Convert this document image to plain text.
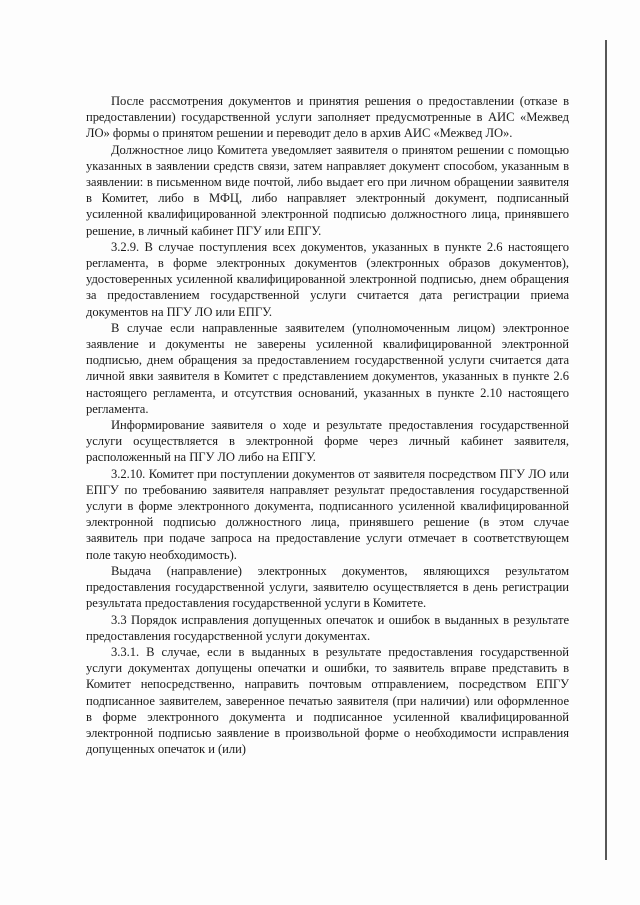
После рассмотрения документов и принятия решения о предоставлении (отказе в предоставлении) государственной услуги заполняет предусмотренные в АИС «Межвед ЛО» формы о принятом решении и переводит дело в архив АИС «Межвед ЛО».

Должностное лицо Комитета уведомляет заявителя о принятом решении с помощью указанных в заявлении средств связи, затем направляет документ способом, указанным в заявлении: в письменном виде почтой, либо выдает его при личном обращении заявителя в Комитет, либо в МФЦ, либо направляет электронный документ, подписанный усиленной квалифицированной электронной подписью должностного лица, принявшего решение, в личный кабинет ПГУ или ЕПГУ.

3.2.9. В случае поступления всех документов, указанных в пункте 2.6 настоящего регламента, в форме электронных документов (электронных образов документов), удостоверенных усиленной квалифицированной электронной подписью, днем обращения за предоставлением государственной услуги считается дата регистрации приема документов на ПГУ ЛО или ЕПГУ.

В случае если направленные заявителем (уполномоченным лицом) электронное заявление и документы не заверены усиленной квалифицированной электронной подписью, днем обращения за предоставлением государственной услуги считается дата личной явки заявителя в Комитет с представлением документов, указанных в пункте 2.6 настоящего регламента, и отсутствия оснований, указанных в пункте 2.10 настоящего регламента.

Информирование заявителя о ходе и результате предоставления государственной услуги осуществляется в электронной форме через личный кабинет заявителя, расположенный на ПГУ ЛО либо на ЕПГУ.

3.2.10. Комитет при поступлении документов от заявителя посредством ПГУ ЛО или ЕПГУ по требованию заявителя направляет результат предоставления государственной услуги в форме электронного документа, подписанного усиленной квалифицированной электронной подписью должностного лица, принявшего решение (в этом случае заявитель при подаче запроса на предоставление услуги отмечает в соответствующем поле такую необходимость).

Выдача (направление) электронных документов, являющихся результатом предоставления государственной услуги, заявителю осуществляется в день регистрации результата предоставления государственной услуги в Комитете.

3.3 Порядок исправления допущенных опечаток и ошибок в выданных в результате предоставления государственной услуги документах.

3.3.1. В случае, если в выданных в результате предоставления государственной услуги документах допущены опечатки и ошибки, то заявитель вправе представить в Комитет непосредственно, направить почтовым отправлением, посредством ЕПГУ подписанное заявителем, заверенное печатью заявителя (при наличии) или оформленное в форме электронного документа и подписанное усиленной квалифицированной электронной подписью заявление в произвольной форме о необходимости исправления допущенных опечаток и (или)
